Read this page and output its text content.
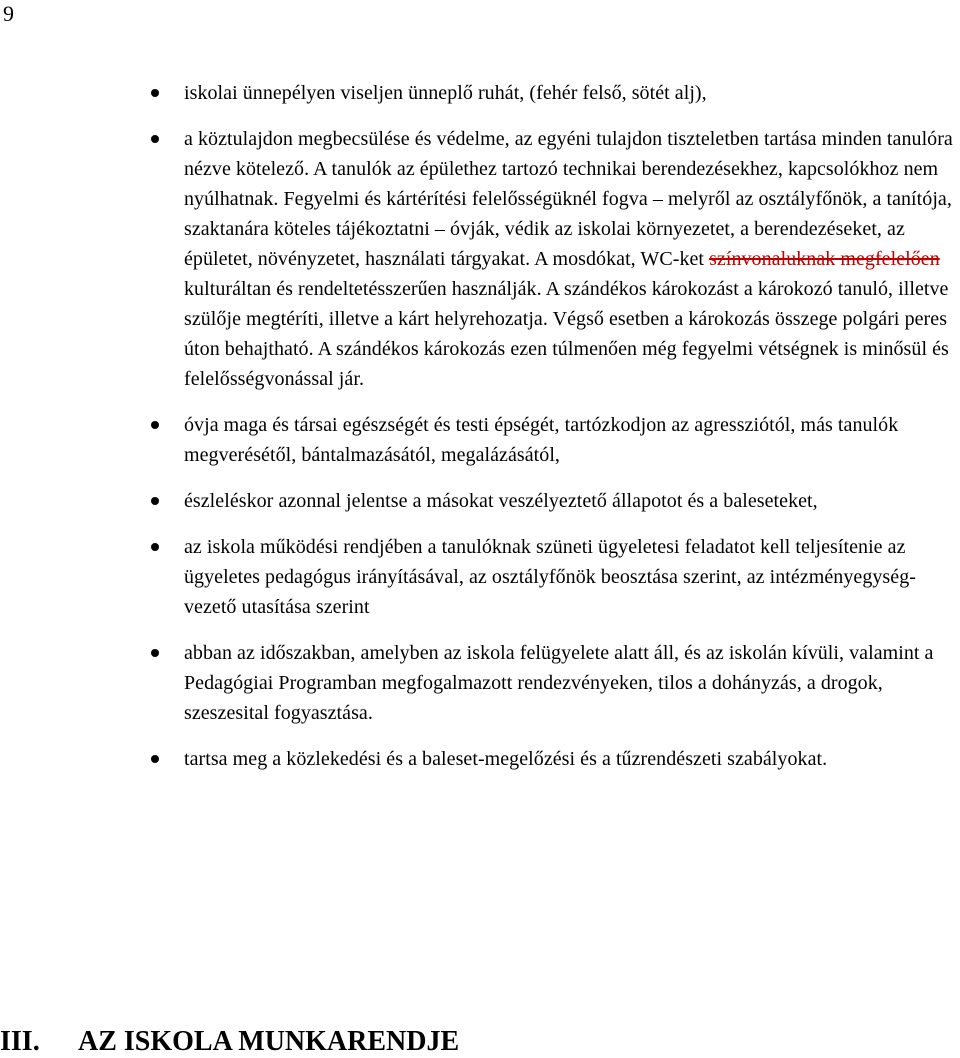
9
iskolai ünnepélyen viseljen ünneplő ruhát, (fehér felső, sötét alj),
a köztulajdon megbecsülése és védelme, az egyéni tulajdon tiszteletben tartása minden tanulóra nézve kötelező. A tanulók az épülethez tartozó technikai berendezésekhez, kapcsolókhoz nem nyúlhatnak. Fegyelmi és kártérítési felelősségüknél fogva – melyről az osztályfőnök, a tanítója, szaktanára köteles tájékoztatni – óvják, védik az iskolai környezetet, a berendezéseket, az épületet, növényzetet, használati tárgyakat. A mosdókat, WC-ket színvonaluknak megfelelően kulturáltan és rendeltetésszerűen használják. A szándékos károkozást a károkozó tanuló, illetve szülője megtéríti, illetve a kárt helyrehozatja. Végső esetben a károkozás összege polgári peres úton behajtható. A szándékos károkozás ezen túlmenően még fegyelmi vétségnek is minősül és felelősségvonással jár.
óvja maga és társai egészségét és testi épségét, tartózkodjon az agressziótól, más tanulók megverésétől, bántalmazásától, megalázásától,
észleléskor azonnal jelentse a másokat veszélyeztető állapotot és a baleseteket,
az iskola működési rendjében a tanulóknak szüneti ügyeletesi feladatot kell teljesítenie az ügyeletes pedagógus irányításával, az osztályfőnök beosztása szerint, az intézményegység-vezető utasítása szerint
abban az időszakban, amelyben az iskola felügyelete alatt áll, és az iskolán kívüli, valamint a Pedagógiai Programban megfogalmazott rendezvényeken, tilos a dohányzás, a drogok, szeszesital fogyasztása.
tartsa meg a közlekedési és a baleset-megelőzési és a tűzrendészeti szabályokat.
III. AZ ISKOLA MUNKARENDJE
